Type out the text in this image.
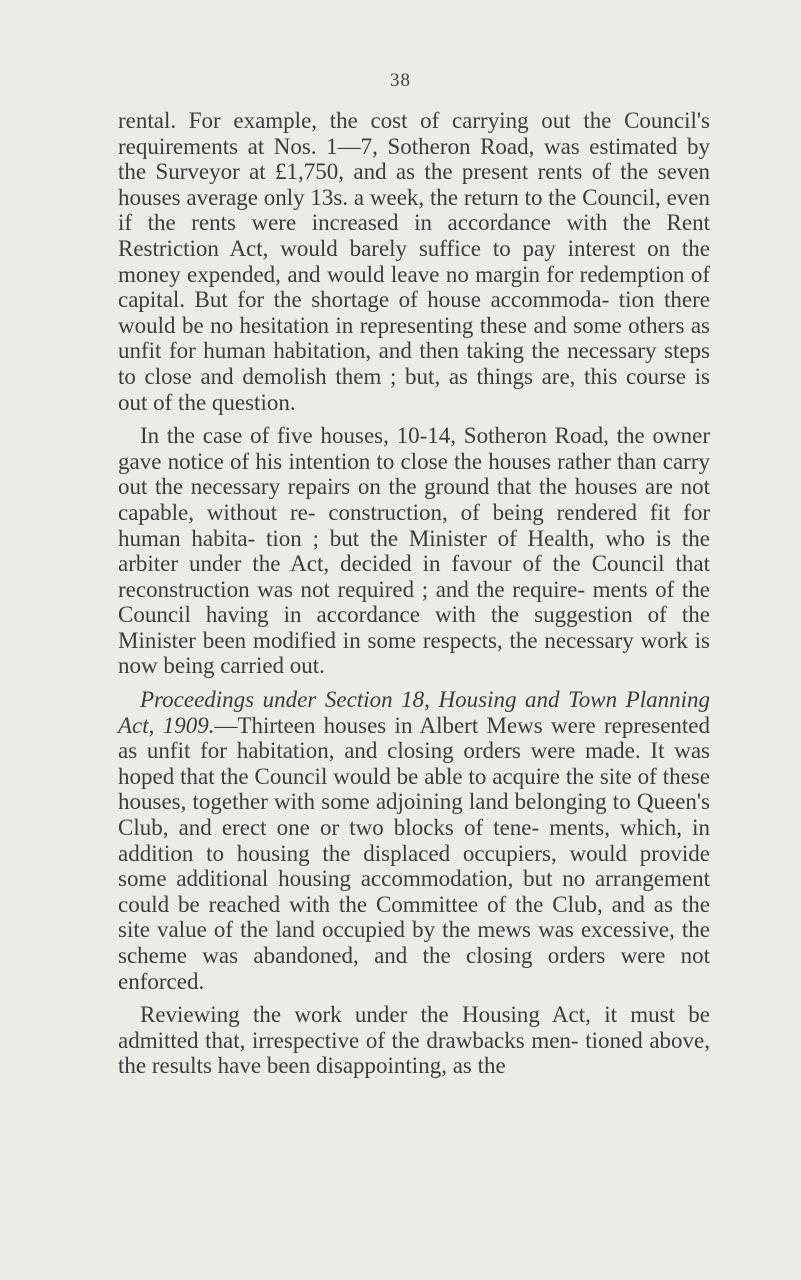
38

rental. For example, the cost of carrying out the Council's requirements at Nos. 1—7, Sotheron Road, was estimated by the Surveyor at £1,750, and as the present rents of the seven houses average only 13s. a week, the return to the Council, even if the rents were increased in accordance with the Rent Restriction Act, would barely suffice to pay interest on the money expended, and would leave no margin for redemption of capital. But for the shortage of house accommoda- tion there would be no hesitation in representing these and some others as unfit for human habitation, and then taking the necessary steps to close and demolish them ; but, as things are, this course is out of the question.

In the case of five houses, 10-14, Sotheron Road, the owner gave notice of his intention to close the houses rather than carry out the necessary repairs on the ground that the houses are not capable, without re- construction, of being rendered fit for human habita- tion ; but the Minister of Health, who is the arbiter under the Act, decided in favour of the Council that reconstruction was not required ; and the require- ments of the Council having in accordance with the suggestion of the Minister been modified in some respects, the necessary work is now being carried out.

Proceedings under Section 18, Housing and Town Planning Act, 1909.—Thirteen houses in Albert Mews were represented as unfit for habitation, and closing orders were made. It was hoped that the Council would be able to acquire the site of these houses, together with some adjoining land belonging to Queen's Club, and erect one or two blocks of tene- ments, which, in addition to housing the displaced occupiers, would provide some additional housing accommodation, but no arrangement could be reached with the Committee of the Club, and as the site value of the land occupied by the mews was excessive, the scheme was abandoned, and the closing orders were not enforced.

Reviewing the work under the Housing Act, it must be admitted that, irrespective of the drawbacks men- tioned above, the results have been disappointing, as the
